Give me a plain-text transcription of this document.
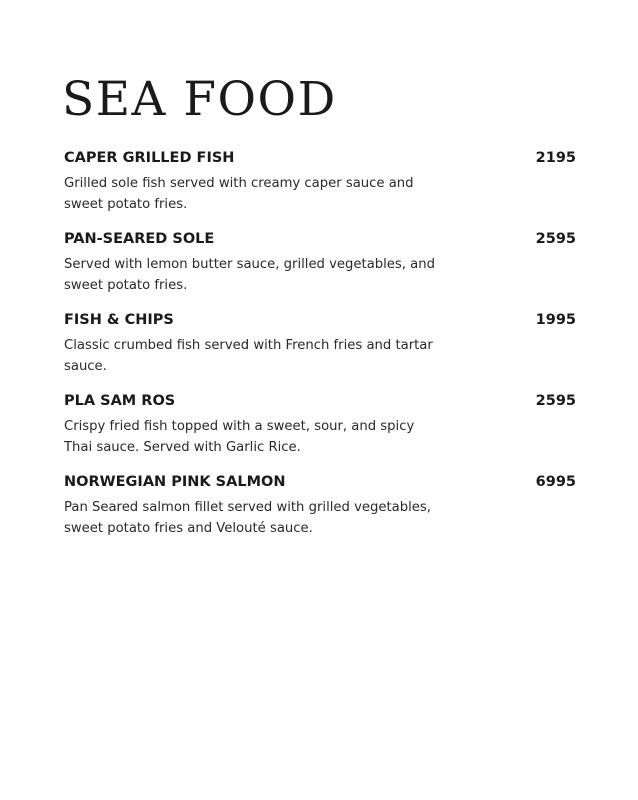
SEA FOOD
CAPER GRILLED FISH	2195
Grilled sole fish served with creamy caper sauce and sweet potato fries.
PAN-SEARED SOLE	2595
Served with lemon butter sauce, grilled vegetables, and sweet potato fries.
FISH & CHIPS	1995
Classic crumbed fish served with French fries and tartar sauce.
PLA SAM ROS	2595
Crispy fried fish topped with a sweet, sour, and spicy Thai sauce. Served with Garlic Rice.
NORWEGIAN PINK SALMON	6995
Pan Seared salmon fillet served with grilled vegetables, sweet potato fries and Velouté sauce.
